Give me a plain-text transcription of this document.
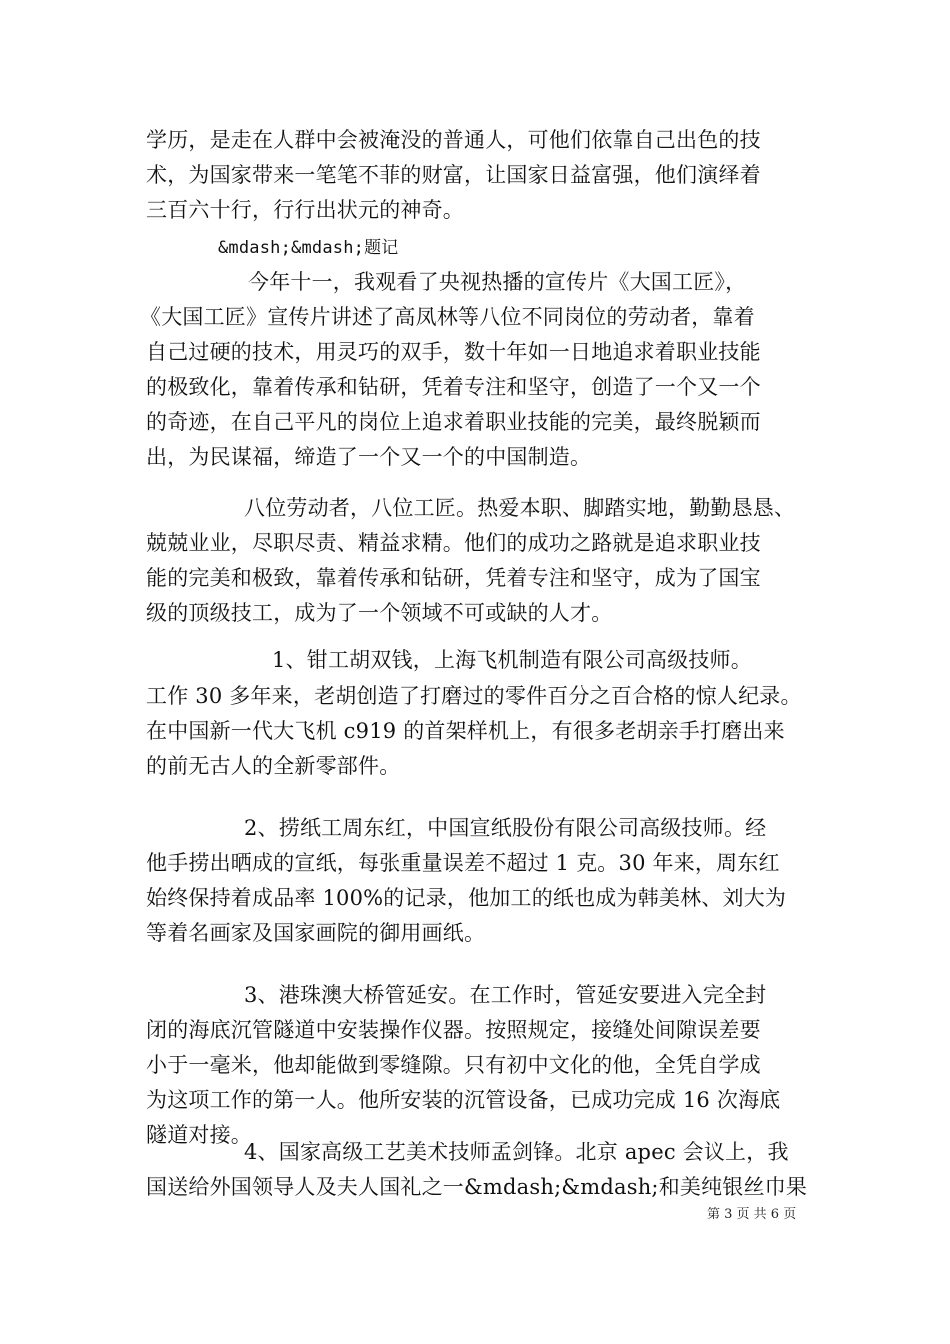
学历，是走在人群中会被淹没的普通人，可他们依靠自己出色的技
术，为国家带来一笔笔不菲的财富，让国家日益富强，他们演绎着
三百六十行，行行出状元的神奇。
&mdash;&mdash;题记
今年十一，我观看了央视热播的宣传片《大国工匠》，
《大国工匠》宣传片讲述了高凤林等八位不同岗位的劳动者，靠着
自己过硬的技术，用灵巧的双手，数十年如一日地追求着职业技能
的极致化，靠着传承和钻研，凭着专注和坚守，创造了一个又一个
的奇迹，在自己平凡的岗位上追求着职业技能的完美，最终脱颖而
出，为民谋福，缔造了一个又一个的中国制造。
八位劳动者，八位工匠。热爱本职、脚踏实地，勤勤恳恳、
兢兢业业，尽职尽责、精益求精。他们的成功之路就是追求职业技
能的完美和极致，靠着传承和钻研，凭着专注和坚守，成为了国宝
级的顶级技工，成为了一个领域不可或缺的人才。
1、钳工胡双钱，上海飞机制造有限公司高级技师。
工作 30 多年来，老胡创造了打磨过的零件百分之百合格的惊人纪录。
在中国新一代大飞机 c919 的首架样机上，有很多老胡亲手打磨出来
的前无古人的全新零部件。
2、捞纸工周东红，中国宣纸股份有限公司高级技师。经
他手捞出晒成的宣纸，每张重量误差不超过 1 克。30 年来，周东红
始终保持着成品率 100%的记录，他加工的纸也成为韩美林、刘大为
等着名画家及国家画院的御用画纸。
3、港珠澳大桥管延安。在工作时，管延安要进入完全封
闭的海底沉管隧道中安装操作仪器。按照规定，接缝处间隙误差要
小于一毫米，他却能做到零缝隙。只有初中文化的他，全凭自学成
为这项工作的第一人。他所安装的沉管设备，已成功完成 16 次海底
隧道对接。
4、国家高级工艺美术技师孟剑锋。北京 apec 会议上，我
国送给外国领导人及夫人国礼之一&mdash;&mdash;和美纯银丝巾果
第 3 页 共 6 页
